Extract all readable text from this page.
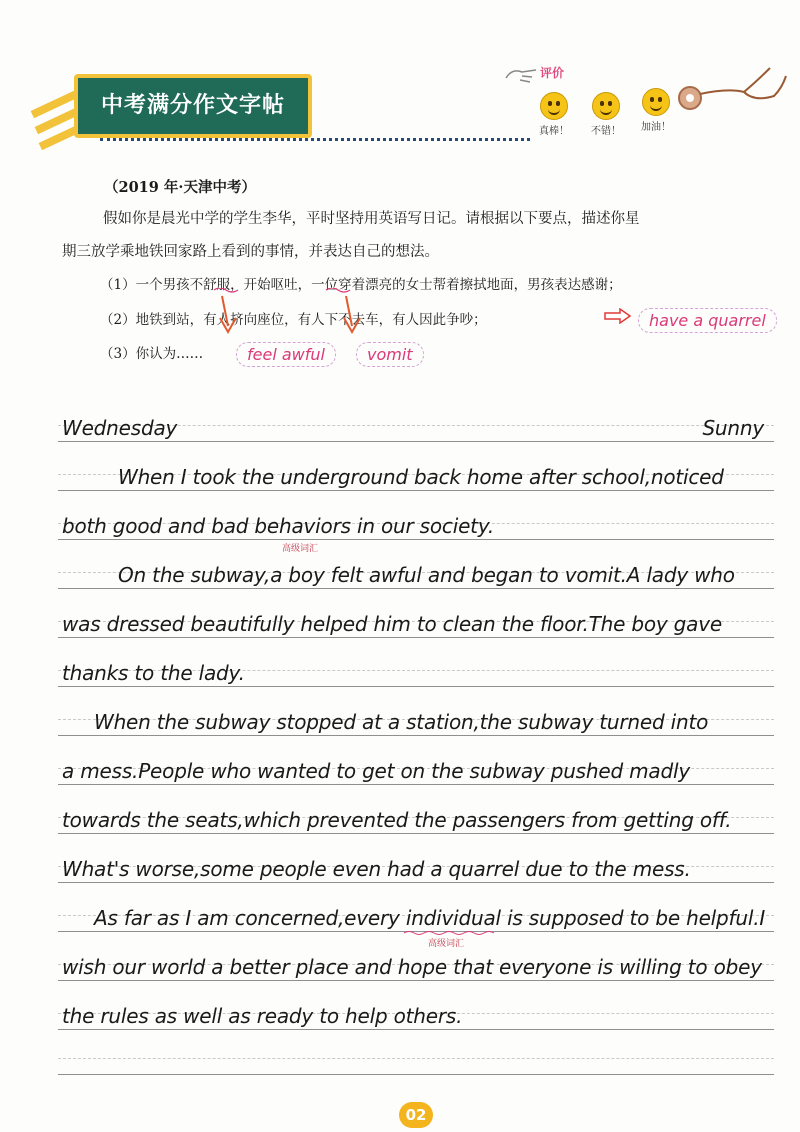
中考满分作文字帖
评价
真棒！	不错！	加油！
（2019 年·天津中考）
假如你是晨光中学的学生李华，平时坚持用英语写日记。请根据以下要点，描述你星
期三放学乘地铁回家路上看到的事情，并表达自己的想法。
（1）一个男孩不舒服，开始呕吐，一位穿着漂亮的女士帮着擦拭地面，男孩表达感谢；
（2）地铁到站，有人挤向座位，有人下不去车，有人因此争吵；
（3）你认为……
have a quarrel
feel awful	vomit
Wednesday	Sunny
When I took the underground back home after school,noticed
both good and bad behaviors in our society.
高级词汇
On the subway,a boy felt awful and began to vomit.A lady who
was dressed beautifully helped him to clean the floor.The boy gave
thanks to the lady.
When the subway stopped at a station,the subway turned into
a mess.People who wanted to get on the subway pushed madly
towards the seats,which prevented the passengers from getting off.
What's worse,some people even had a quarrel due to the mess.
As far as I am concerned,every individual is supposed to be helpful.I
高级词汇
wish our world a better place and hope that everyone is willing to obey
the rules as well as ready to help others.
02
